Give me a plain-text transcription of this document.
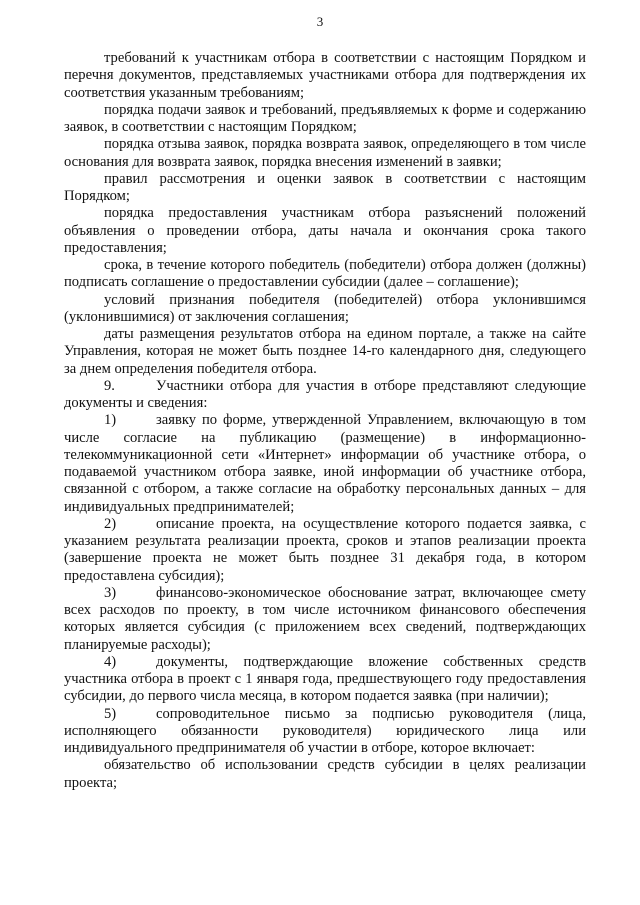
3

требований к участникам отбора в соответствии с настоящим Порядком и перечня документов, представляемых участниками отбора для подтверждения их соответствия указанным требованиям;

порядка подачи заявок и требований, предъявляемых к форме и содержанию заявок, в соответствии с настоящим Порядком;

порядка отзыва заявок, порядка возврата заявок, определяющего в том числе основания для возврата заявок, порядка внесения изменений в заявки;

правил рассмотрения и оценки заявок в соответствии с настоящим Порядком;

порядка предоставления участникам отбора разъяснений положений объявления о проведении отбора, даты начала и окончания срока такого предоставления;

срока, в течение которого победитель (победители) отбора должен (должны) подписать соглашение о предоставлении субсидии (далее – соглашение);

условий признания победителя (победителей) отбора уклонившимся (уклонившимися) от заключения соглашения;

даты размещения результатов отбора на едином портале, а также на сайте Управления, которая не может быть позднее 14-го календарного дня, следующего за днем определения победителя отбора.

9.	Участники отбора для участия в отборе представляют следующие документы и сведения:

1)	заявку по форме, утвержденной Управлением, включающую в том числе согласие на публикацию (размещение) в информационно-телекоммуникационной сети «Интернет» информации об участнике отбора, о подаваемой участником отбора заявке, иной информации об участнике отбора, связанной с отбором, а также согласие на обработку персональных данных – для индивидуальных предпринимателей;

2)	описание проекта, на осуществление которого подается заявка, с указанием результата реализации проекта, сроков и этапов реализации проекта (завершение проекта не может быть позднее 31 декабря года, в котором предоставлена субсидия);

3)	финансово-экономическое обоснование затрат, включающее смету всех расходов по проекту, в том числе источником финансового обеспечения которых является субсидия (с приложением всех сведений, подтверждающих планируемые расходы);

4)	документы, подтверждающие вложение собственных средств участника отбора в проект с 1 января года, предшествующего году предоставления субсидии, до первого числа месяца, в котором подается заявка (при наличии);

5)	сопроводительное письмо за подписью руководителя (лица, исполняющего обязанности руководителя) юридического лица или индивидуального предпринимателя об участии в отборе, которое включает:

обязательство об использовании средств субсидии в целях реализации проекта;
